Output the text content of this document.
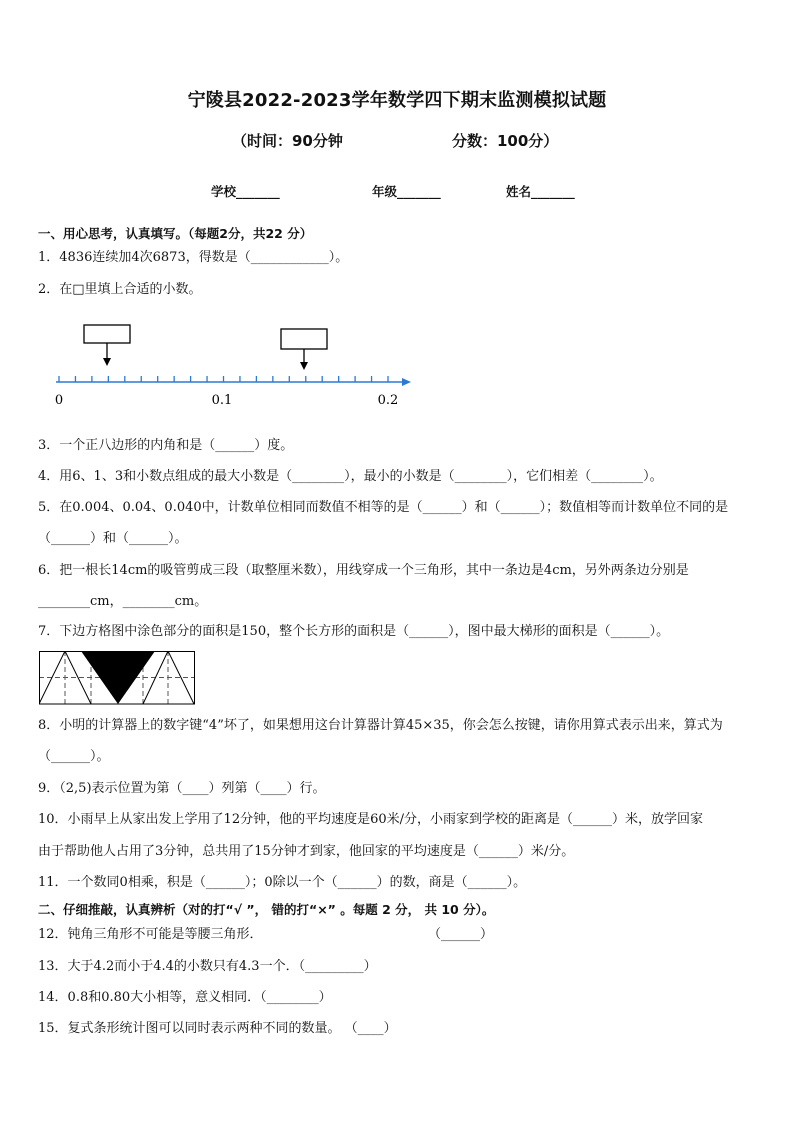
宁陵县2022-2023学年数学四下期末监测模拟试题
（时间：90分钟	分数：100分）
学校_______	年级_______	姓名_______
一、用心思考，认真填写。（每题2分，共22 分）
1．4836连续加4次6873，得数是（____________）。
2．在□里填上合适的小数。
0	0.1	0.2
3．一个正八边形的内角和是（______）度。
4．用6、1、3和小数点组成的最大小数是（________），最小的小数是（________），它们相差（________）。
5．在0.004、0.04、0.040中，计数单位相同而数值不相等的是（______）和（______）；数值相等而计数单位不同的是
（______）和（______）。
6．把一根长14cm的吸管剪成三段（取整厘米数），用线穿成一个三角形，其中一条边是4cm，另外两条边分别是
________cm，________cm。
7．下边方格图中涂色部分的面积是150，整个长方形的面积是（______），图中最大梯形的面积是（______）。
8．小明的计算器上的数字键“4”坏了，如果想用这台计算器计算45×35，你会怎么按键，请你用算式表示出来，算式为
（______）。
9．（2,5)表示位置为第（____）列第（____）行。
10．小雨早上从家出发上学用了12分钟，他的平均速度是60米/分，小雨家到学校的距离是（______）米，放学回家
由于帮助他人占用了3分钟，总共用了15分钟才到家，他回家的平均速度是（______）米/分。
11．一个数同0相乘，积是（______）；0除以一个（______）的数，商是（______）。
二、仔细推敲，认真辨析（对的打“√ ”， 错的打“×” 。每题 2 分， 共 10 分）。
12．钝角三角形不可能是等腰三角形．	（______）
13．大于4.2而小于4.4的小数只有4.3一个．（_________）
14．0.8和0.80大小相等，意义相同．（________）
15．复式条形统计图可以同时表示两种不同的数量。 （____）
